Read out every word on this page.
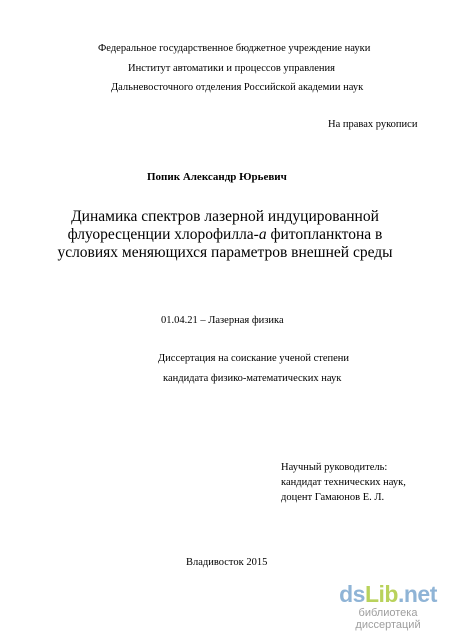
Федеральное государственное бюджетное учреждение науки
Институт автоматики и процессов управления
Дальневосточного отделения Российской академии наук
На правах рукописи
Попик Александр Юрьевич
Динамика спектров лазерной индуцированной
флуоресценции хлорофилла-а фитопланктона в
условиях меняющихся параметров внешней среды
01.04.21 – Лазерная физика
Диссертация на соискание ученой степени
кандидата физико-математических наук
Научный руководитель:
кандидат технических наук,
доцент Гамаюнов Е. Л.
Владивосток 2015
dsLib.net
библиотека диссертаций
